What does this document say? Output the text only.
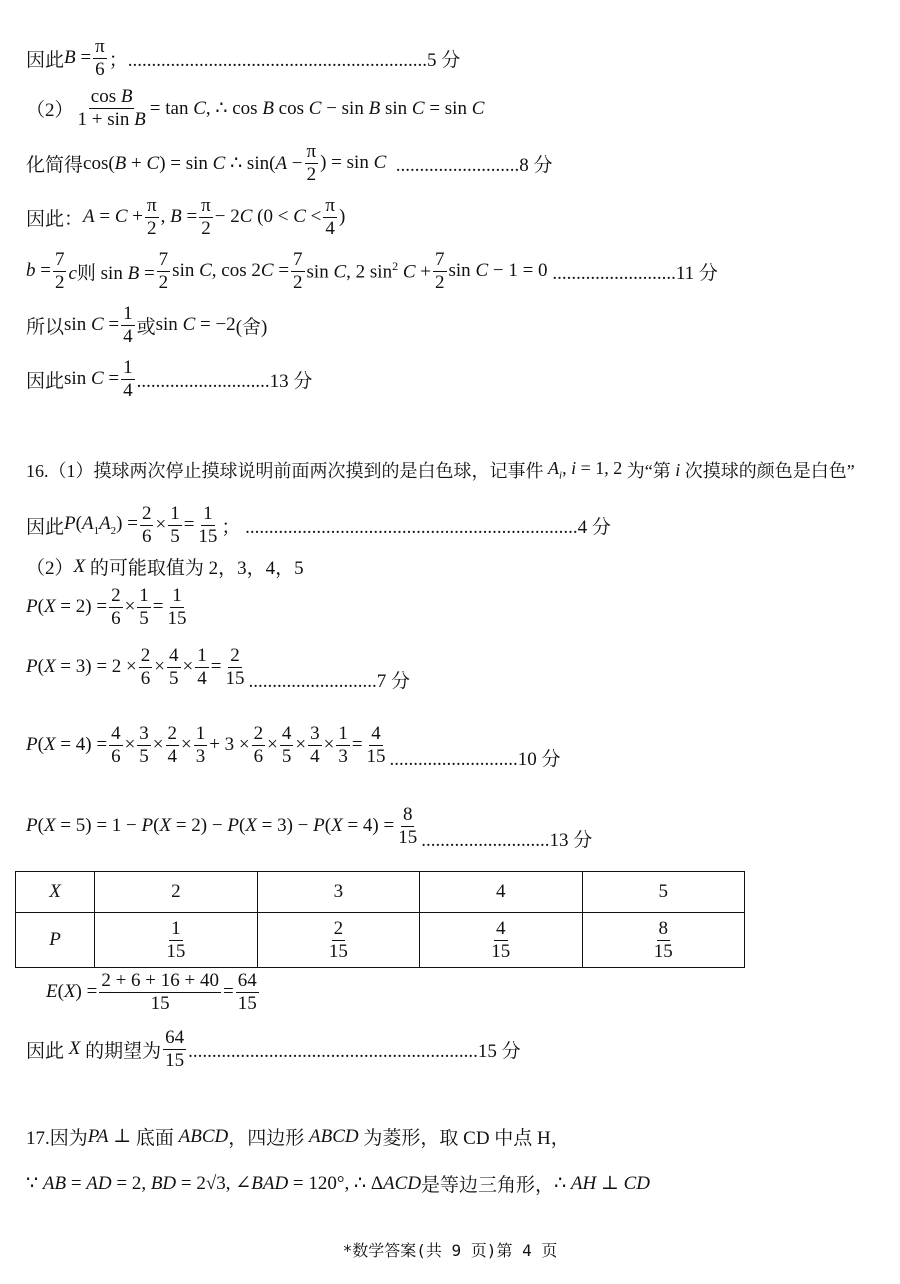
因此 $B = \frac{\pi}{6}$ ； ...............................................................5 分
$(2) \frac{\text{cos B}}{\text{1 + sin B}} = \tan C$, ∴ cos B cos C − sin B sin C = sin C
化简得 cos(B + C) = sin C ∴ $\sin(A - \frac{\pi}{2}$ ) = sin C ..........................8 分
因此： $A = C + \frac{\pi}{2}$ , $B = \frac{\pi}{2} - 2C$ ($0 < C < \frac{\pi}{4}$ )
$b = \frac{7}{2}$ c则 $\sin B = \frac{7}{2}$ sin C, $\cos 2C = \frac{7}{2}$ sin C, 2 $\sin^2 C + \frac{7}{2}$ sin C − 1 = 0 ..........................11 分
所以 $\sin C = \frac{1}{4}$ 或 sin C = −2 (舍)
因此 $\sin C = \frac{1}{4} ............................13$ 分
16.（1）摸球两次停止摸球说明前面两次摸到的是白色球，记事件 $A_i$, i = 1, 2 为“第 i 次摸球的颜色是白色”
因此 $P(A_1A_2) = \frac{2}{6} \times \frac{1}{5} = \frac{1}{15}$ ； ......................................................................4 分
（2） X 的可能取值为 2，3，4，5
$P(X = 2) = \frac{2}{6} \times \frac{1}{5} = \frac{1}{15}$
$P(X = 3) = 2 \times \frac{2}{6} \times \frac{4}{5} \times \frac{1}{4} = \frac{2}{15} ...........................7$ 分
$P(X = 4) = \frac{4}{6} \times \frac{3}{5} \times \frac{2}{4} \times \frac{1}{3} + 3 \times \frac{2}{6} \times \frac{4}{5} \times \frac{3}{4} \times \frac{1}{3} = \frac{4}{15} ...........................10$ 分
$P(X = 5) = 1 - P(X = 2) - P(X = 3) - P(X = 4) = \frac{8}{15} ...........................13$ 分
X	2	3	4	5
P	$\frac{1}{15}$	$\frac{2}{15}$	$\frac{4}{15}$	$\frac{8}{15}$
$E(X) = \frac{2 + 6 + 16 + 40}{15} = \frac{64}{15}$
因此 X 的期望为 $\frac{64}{15} .............................................................15$ 分
17.因为 PA ⊥ 底面 ABCD ，四边形 ABCD 为菱形，取 CD 中点 H，
∵ AB = AD = 2, BD = 2√3, ∠BAD = 120°, ∴ ΔACD 是等边三角形， ∴ AH ⊥ CD
*数学答案(共 9 页)第 4 页
